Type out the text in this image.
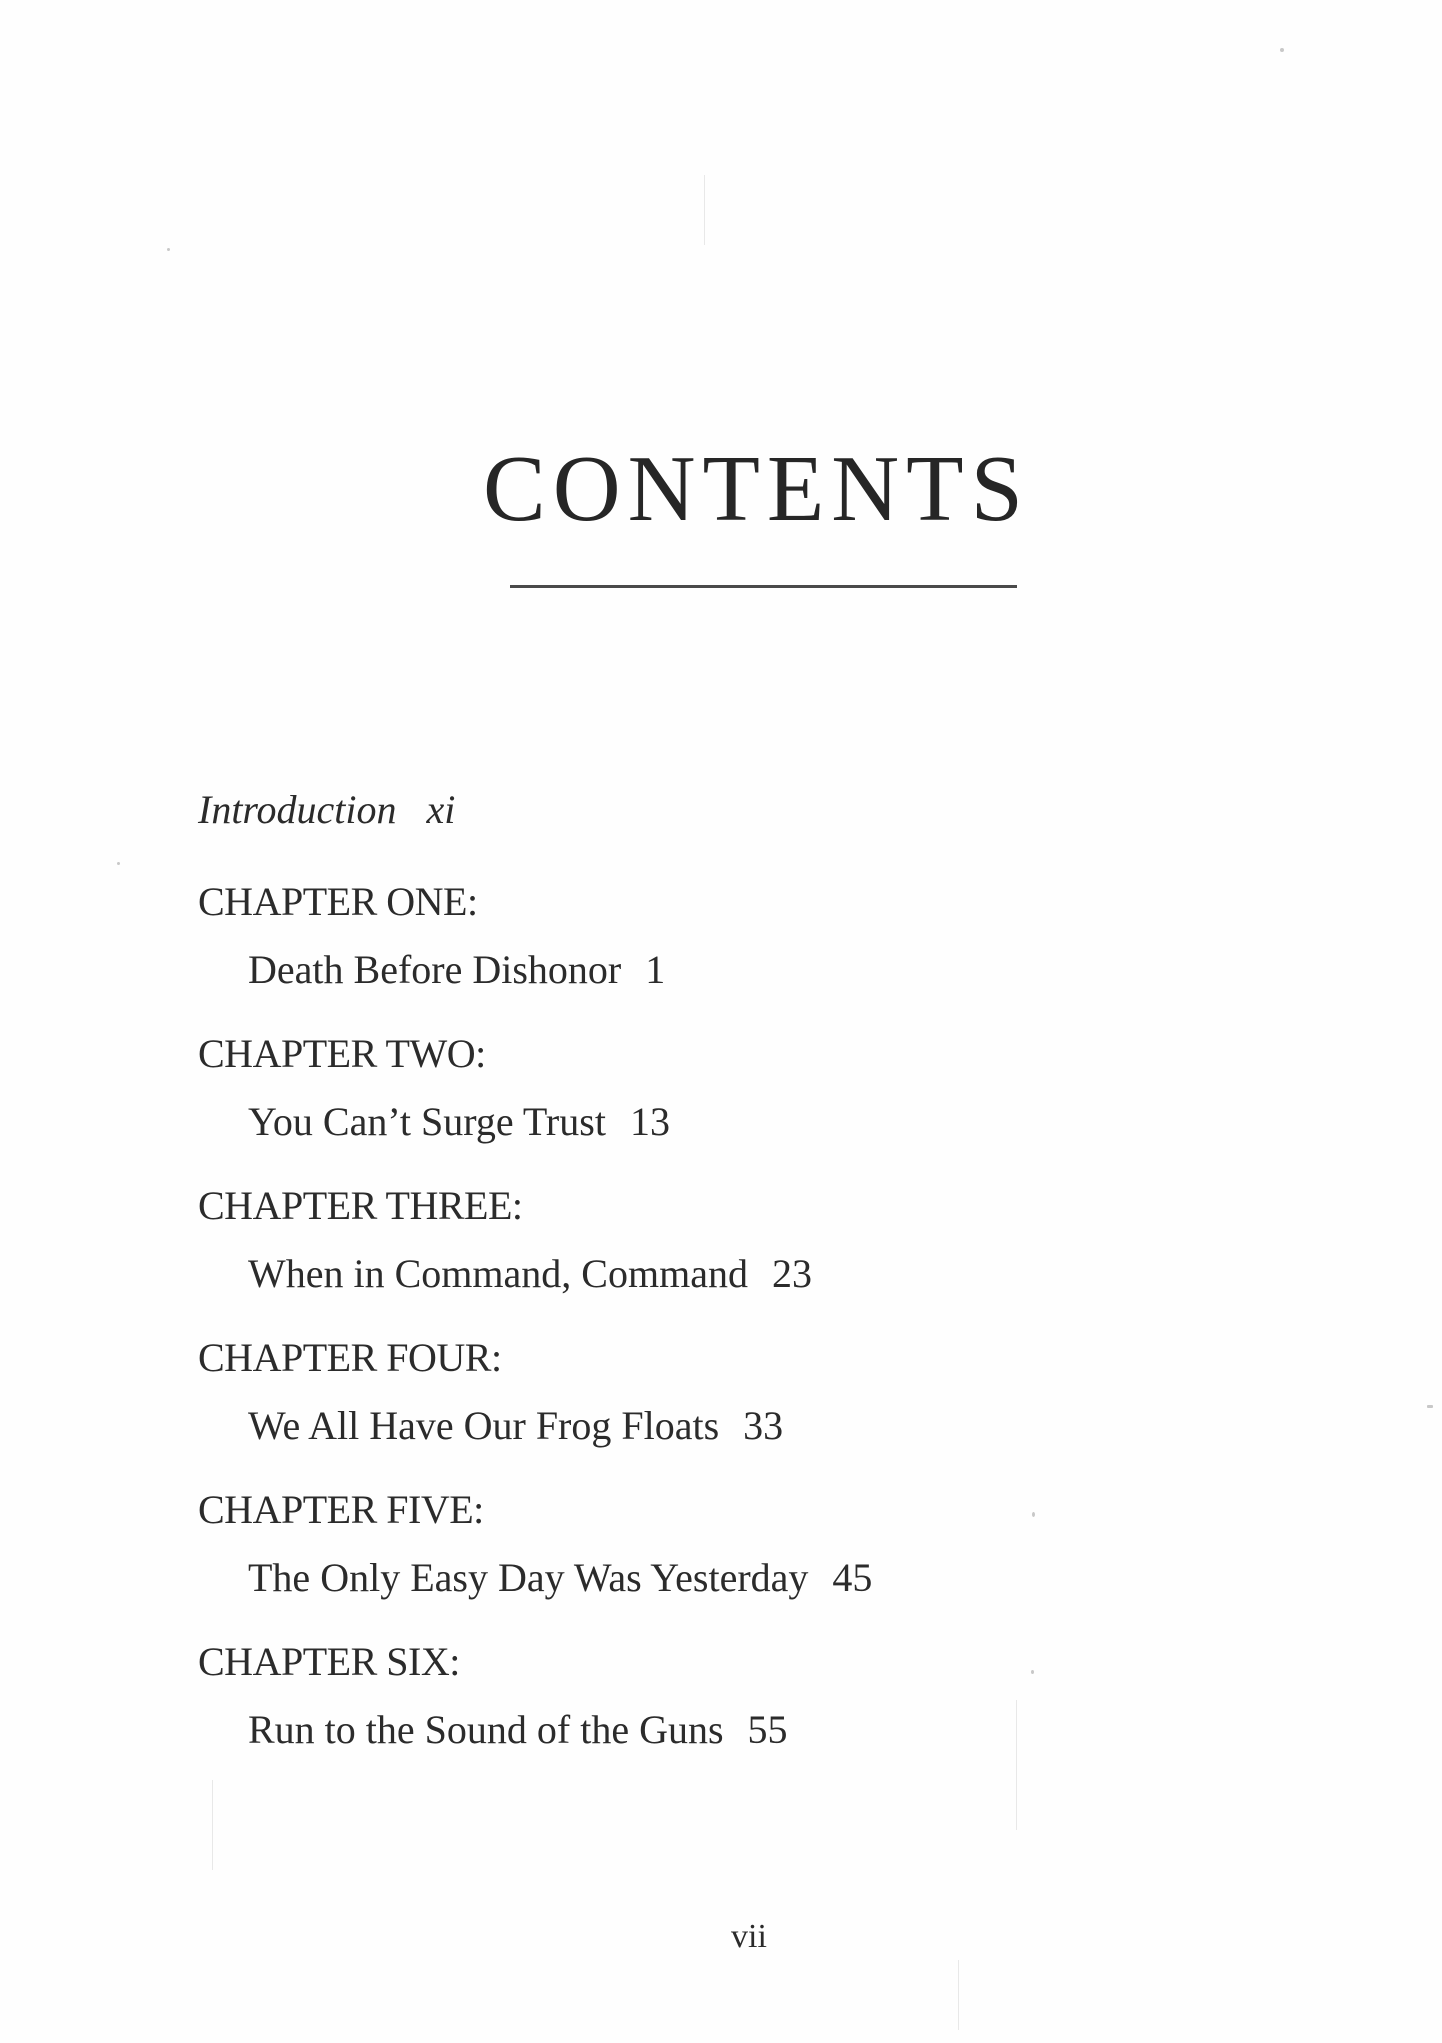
CONTENTS
Introduction xi
CHAPTER ONE:
Death Before Dishonor 1
CHAPTER TWO:
You Can’t Surge Trust 13
CHAPTER THREE:
When in Command, Command 23
CHAPTER FOUR:
We All Have Our Frog Floats 33
CHAPTER FIVE:
The Only Easy Day Was Yesterday 45
CHAPTER SIX:
Run to the Sound of the Guns 55
vii
